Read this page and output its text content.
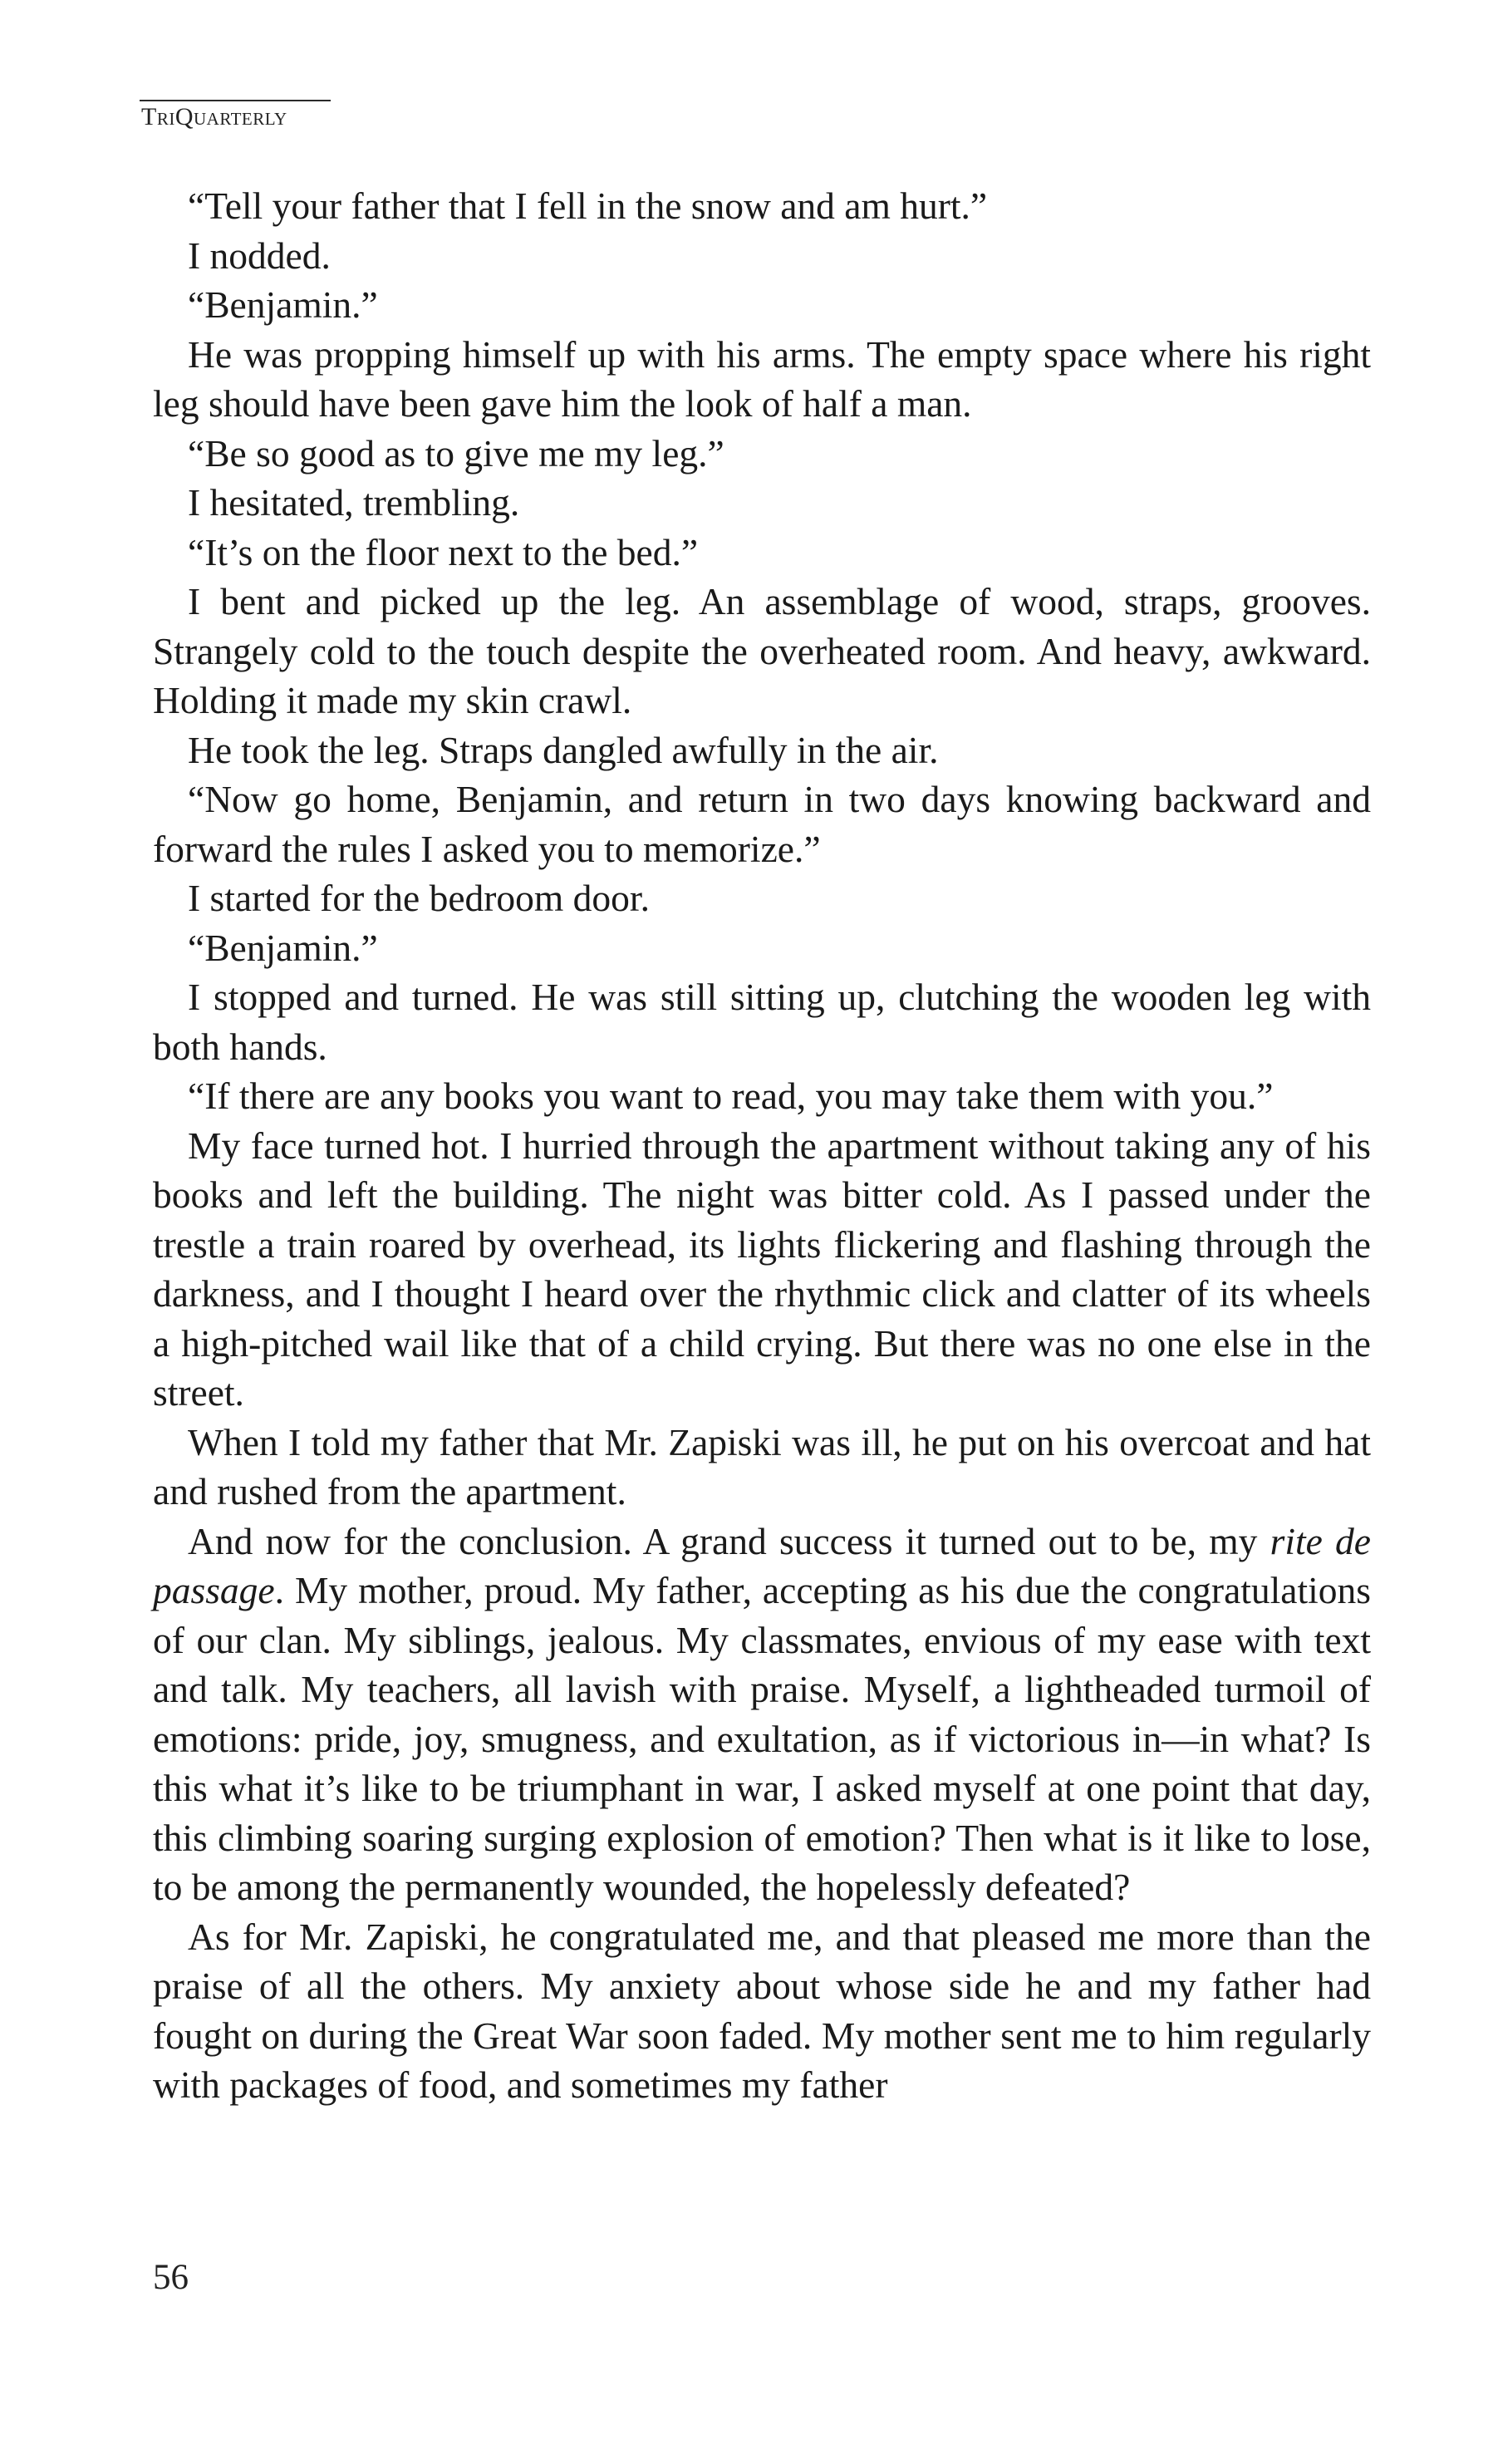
TriQuarterly

“Tell your father that I fell in the snow and am hurt.”

I nodded.

“Benjamin.”

He was propping himself up with his arms. The empty space where his right leg should have been gave him the look of half a man.

“Be so good as to give me my leg.”

I hesitated, trembling.

“It’s on the floor next to the bed.”

I bent and picked up the leg. An assemblage of wood, straps, grooves. Strangely cold to the touch despite the overheated room. And heavy, awkward. Holding it made my skin crawl.

He took the leg. Straps dangled awfully in the air.

“Now go home, Benjamin, and return in two days knowing backward and forward the rules I asked you to memorize.”

I started for the bedroom door.

“Benjamin.”

I stopped and turned. He was still sitting up, clutching the wooden leg with both hands.

“If there are any books you want to read, you may take them with you.”

My face turned hot. I hurried through the apartment without taking any of his books and left the building. The night was bitter cold. As I passed under the trestle a train roared by overhead, its lights flickering and flashing through the darkness, and I thought I heard over the rhythmic click and clatter of its wheels a high-pitched wail like that of a child crying. But there was no one else in the street.

When I told my father that Mr. Zapiski was ill, he put on his overcoat and hat and rushed from the apartment.

And now for the conclusion. A grand success it turned out to be, my rite de passage. My mother, proud. My father, accepting as his due the congratulations of our clan. My siblings, jealous. My classmates, envious of my ease with text and talk. My teachers, all lavish with praise. Myself, a lightheaded turmoil of emotions: pride, joy, smugness, and exultation, as if victorious in—in what? Is this what it’s like to be triumphant in war, I asked myself at one point that day, this climbing soaring surging explosion of emotion? Then what is it like to lose, to be among the permanently wounded, the hopelessly defeated?

As for Mr. Zapiski, he congratulated me, and that pleased me more than the praise of all the others. My anxiety about whose side he and my father had fought on during the Great War soon faded. My mother sent me to him regularly with packages of food, and sometimes my father

56
